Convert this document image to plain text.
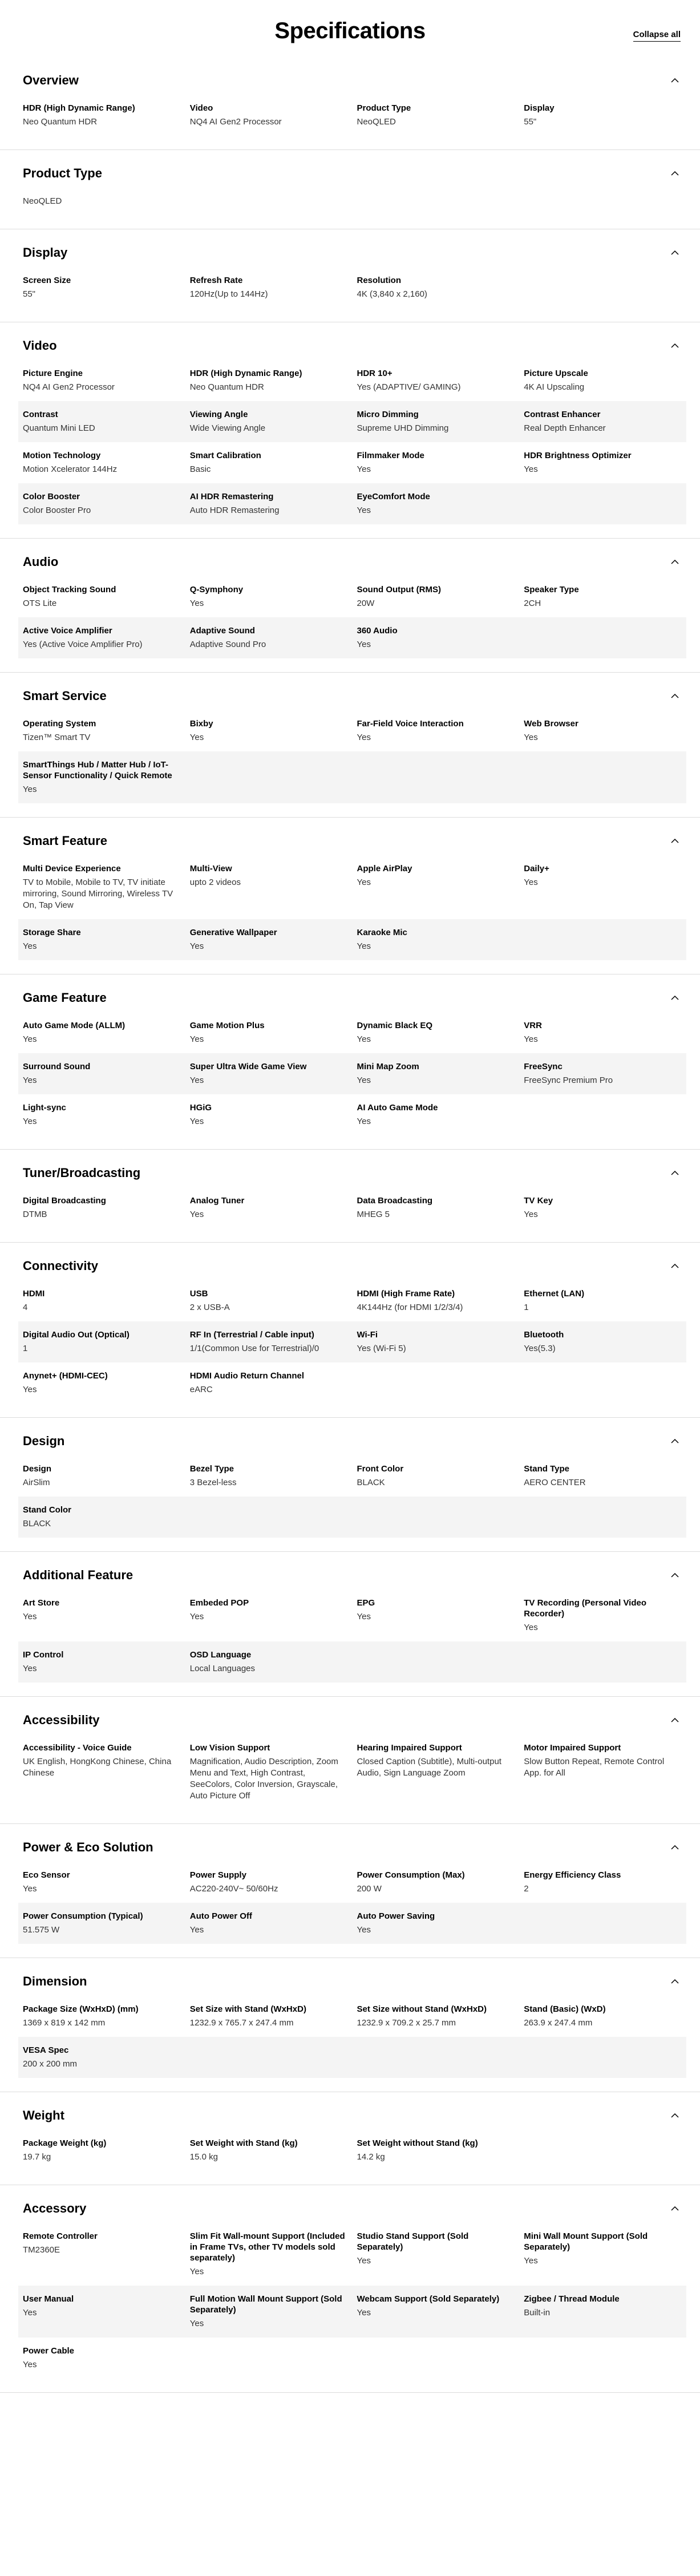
Specifications	Collapse all
Overview
HDR (High Dynamic Range)
Neo Quantum HDR
Video
NQ4 AI Gen2 Processor
Product Type
NeoQLED
Display
55"
Product Type
NeoQLED
Display
Screen Size
55"
Refresh Rate
120Hz(Up to 144Hz)
Resolution
4K (3,840 x 2,160)
Video
Picture Engine
NQ4 AI Gen2 Processor
HDR (High Dynamic Range)
Neo Quantum HDR
HDR 10+
Yes (ADAPTIVE/ GAMING)
Picture Upscale
4K AI Upscaling
Contrast
Quantum Mini LED
Viewing Angle
Wide Viewing Angle
Micro Dimming
Supreme UHD Dimming
Contrast Enhancer
Real Depth Enhancer
Motion Technology
Motion Xcelerator 144Hz
Smart Calibration
Basic
Filmmaker Mode
Yes
HDR Brightness Optimizer
Yes
Color Booster
Color Booster Pro
AI HDR Remastering
Auto HDR Remastering
EyeComfort Mode
Yes
Audio
Object Tracking Sound
OTS Lite
Q-Symphony
Yes
Sound Output (RMS)
20W
Speaker Type
2CH
Active Voice Amplifier
Yes (Active Voice Amplifier Pro)
Adaptive Sound
Adaptive Sound Pro
360 Audio
Yes
Smart Service
Operating System
Tizen™ Smart TV
Bixby
Yes
Far-Field Voice Interaction
Yes
Web Browser
Yes
SmartThings Hub / Matter Hub / IoT-Sensor Functionality / Quick Remote
Yes
Smart Feature
Multi Device Experience
TV to Mobile, Mobile to TV, TV initiate mirroring, Sound Mirroring, Wireless TV On, Tap View
Multi-View
upto 2 videos
Apple AirPlay
Yes
Daily+
Yes
Storage Share
Yes
Generative Wallpaper
Yes
Karaoke Mic
Yes
Game Feature
Auto Game Mode (ALLM)
Yes
Game Motion Plus
Yes
Dynamic Black EQ
Yes
VRR
Yes
Surround Sound
Yes
Super Ultra Wide Game View
Yes
Mini Map Zoom
Yes
FreeSync
FreeSync Premium Pro
Light-sync
Yes
HGiG
Yes
AI Auto Game Mode
Yes
Tuner/Broadcasting
Digital Broadcasting
DTMB
Analog Tuner
Yes
Data Broadcasting
MHEG 5
TV Key
Yes
Connectivity
HDMI
4
USB
2 x USB-A
HDMI (High Frame Rate)
4K144Hz (for HDMI 1/2/3/4)
Ethernet (LAN)
1
Digital Audio Out (Optical)
1
RF In (Terrestrial / Cable input)
1/1(Common Use for Terrestrial)/0
Wi-Fi
Yes (Wi-Fi 5)
Bluetooth
Yes(5.3)
Anynet+ (HDMI-CEC)
Yes
HDMI Audio Return Channel
eARC
Design
Design
AirSlim
Bezel Type
3 Bezel-less
Front Color
BLACK
Stand Type
AERO CENTER
Stand Color
BLACK
Additional Feature
Art Store
Yes
Embeded POP
Yes
EPG
Yes
TV Recording (Personal Video Recorder)
Yes
IP Control
Yes
OSD Language
Local Languages
Accessibility
Accessibility - Voice Guide
UK English, HongKong Chinese, China Chinese
Low Vision Support
Magnification, Audio Description, Zoom Menu and Text, High Contrast, SeeColors, Color Inversion, Grayscale, Auto Picture Off
Hearing Impaired Support
Closed Caption (Subtitle), Multi-output Audio, Sign Language Zoom
Motor Impaired Support
Slow Button Repeat, Remote Control App. for All
Power & Eco Solution
Eco Sensor
Yes
Power Supply
AC220-240V~ 50/60Hz
Power Consumption (Max)
200 W
Energy Efficiency Class
2
Power Consumption (Typical)
51.575 W
Auto Power Off
Yes
Auto Power Saving
Yes
Dimension
Package Size (WxHxD) (mm)
1369 x 819 x 142 mm
Set Size with Stand (WxHxD)
1232.9 x 765.7 x 247.4 mm
Set Size without Stand (WxHxD)
1232.9 x 709.2 x 25.7 mm
Stand (Basic) (WxD)
263.9 x 247.4 mm
VESA Spec
200 x 200 mm
Weight
Package Weight (kg)
19.7 kg
Set Weight with Stand (kg)
15.0 kg
Set Weight without Stand (kg)
14.2 kg
Accessory
Remote Controller
TM2360E
Slim Fit Wall-mount Support (Included in Frame TVs, other TV models sold separately)
Yes
Studio Stand Support (Sold Separately)
Yes
Mini Wall Mount Support (Sold Separately)
Yes
User Manual
Yes
Full Motion Wall Mount Support (Sold Separately)
Yes
Webcam Support (Sold Separately)
Yes
Zigbee / Thread Module
Built-in
Power Cable
Yes
